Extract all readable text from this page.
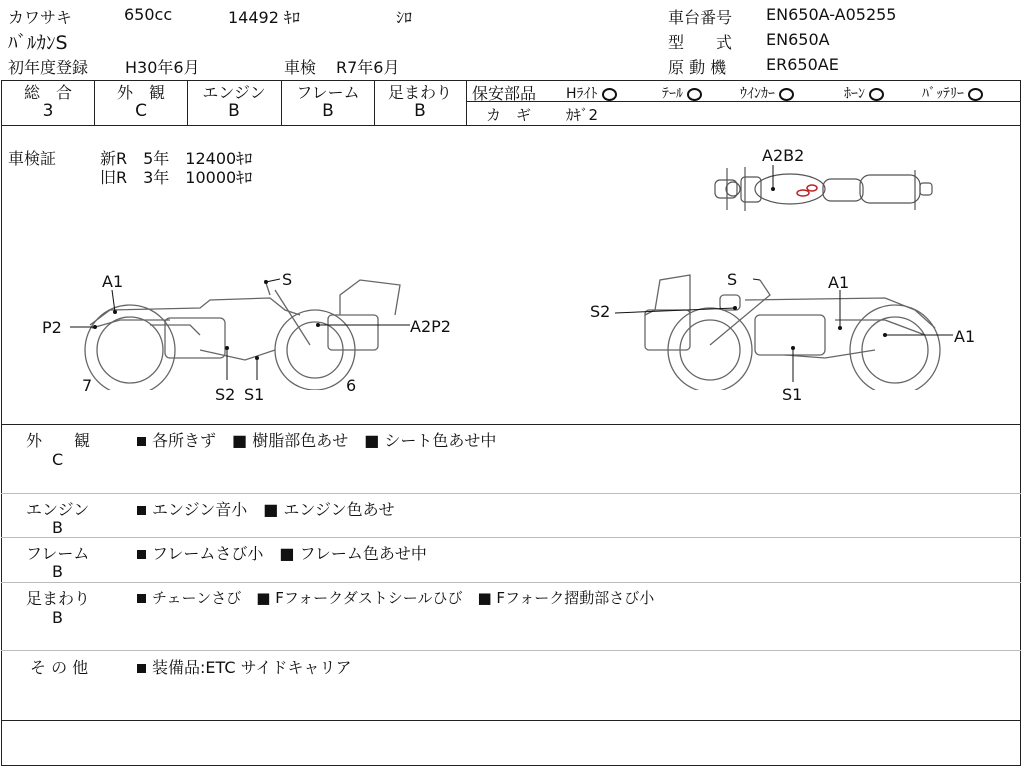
カワサキ	650cc	14492 ｷﾛ	ｼﾛ
ﾊﾞﾙｶﾝS
初年度登録 H30年6月	車検 R7年6月
車台番号 EN650A-A05255
型　　式 EN650A
原 動 機 ER650AE
総　合
3
外　観
C
エンジン
B
フレーム
B
足まわり
B
保安部品 Hﾗｲﾄ	ﾃｰﾙ	ｳｲﾝｶｰ	ﾎｰﾝ	ﾊﾞｯﾃﾘｰ
カ　ギ ｶｷﾞ2
車検証	新R　5年　12400ｷﾛ
旧R　3年　10000ｷﾛ
A2B2
A1	S
P2	A2P2
7	S2 S1	6
S	A1
S2
A1
S1
外　　観
C
各所きず　■ 樹脂部色あせ　■ シート色あせ中
エンジン
B
エンジン音小　■ エンジン色あせ
フレーム
B
フレームさび小　■ フレーム色あせ中
足まわり
B
チェーンさび　■ Fフォークダストシールひび　■ Fフォーク摺動部さび小
そ の 他	装備品:ETC サイドキャリア
